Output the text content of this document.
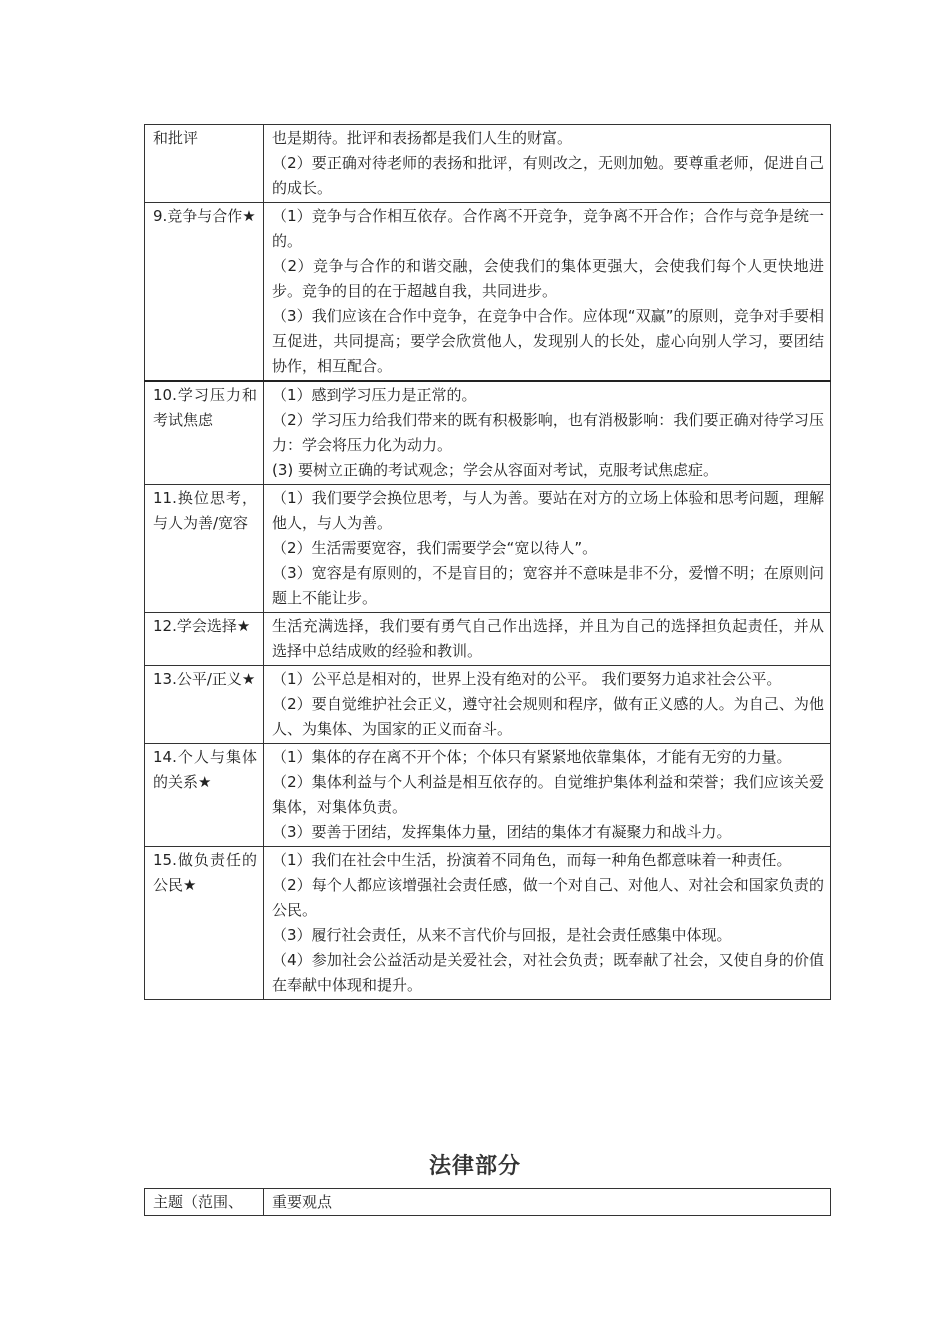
和批评	也是期待。批评和表扬都是我们人生的财富。
（2）要正确对待老师的表扬和批评，有则改之，无则加勉。要尊重老师，促进自己的成长。

9.竞争与合作★	（1）竞争与合作相互依存。合作离不开竞争，竞争离不开合作；合作与竞争是统一的。
（2）竞争与合作的和谐交融，会使我们的集体更强大，会使我们每个人更快地进步。竞争的目的在于超越自我，共同进步。
（3）我们应该在合作中竞争，在竞争中合作。应体现“双赢”的原则，竞争对手要相互促进，共同提高；要学会欣赏他人，发现别人的长处，虚心向别人学习，要团结协作，相互配合。

10.学习压力和考试焦虑	（1）感到学习压力是正常的。
（2）学习压力给我们带来的既有积极影响，也有消极影响：我们要正确对待学习压力：学会将压力化为动力。
(3) 要树立正确的考试观念；学会从容面对考试，克服考试焦虑症。

11.换位思考，与人为善/宽容	（1）我们要学会换位思考，与人为善。要站在对方的立场上体验和思考问题，理解他人，与人为善。
（2）生活需要宽容，我们需要学会“宽以待人”。
（3）宽容是有原则的，不是盲目的；宽容并不意味是非不分，爱憎不明；在原则问题上不能让步。

12.学会选择★	生活充满选择，我们要有勇气自己作出选择，并且为自己的选择担负起责任，并从选择中总结成败的经验和教训。

13.公平/正义★	（1）公平总是相对的，世界上没有绝对的公平。 我们要努力追求社会公平。
（2）要自觉维护社会正义，遵守社会规则和程序，做有正义感的人。为自己、为他人、为集体、为国家的正义而奋斗。

14.个人与集体的关系★	（1）集体的存在离不开个体；个体只有紧紧地依靠集体，才能有无穷的力量。
（2）集体利益与个人利益是相互依存的。自觉维护集体利益和荣誉；我们应该关爱集体，对集体负责。
（3）要善于团结，发挥集体力量，团结的集体才有凝聚力和战斗力。

15.做负责任的公民★	（1）我们在社会中生活，扮演着不同角色，而每一种角色都意味着一种责任。
（2）每个人都应该增强社会责任感，做一个对自己、对他人、对社会和国家负责的公民。
（3）履行社会责任，从来不言代价与回报，是社会责任感集中体现。
（4）参加社会公益活动是关爱社会，对社会负责；既奉献了社会，又使自身的价值在奉献中体现和提升。
法律部分
主题（范围、	重要观点
